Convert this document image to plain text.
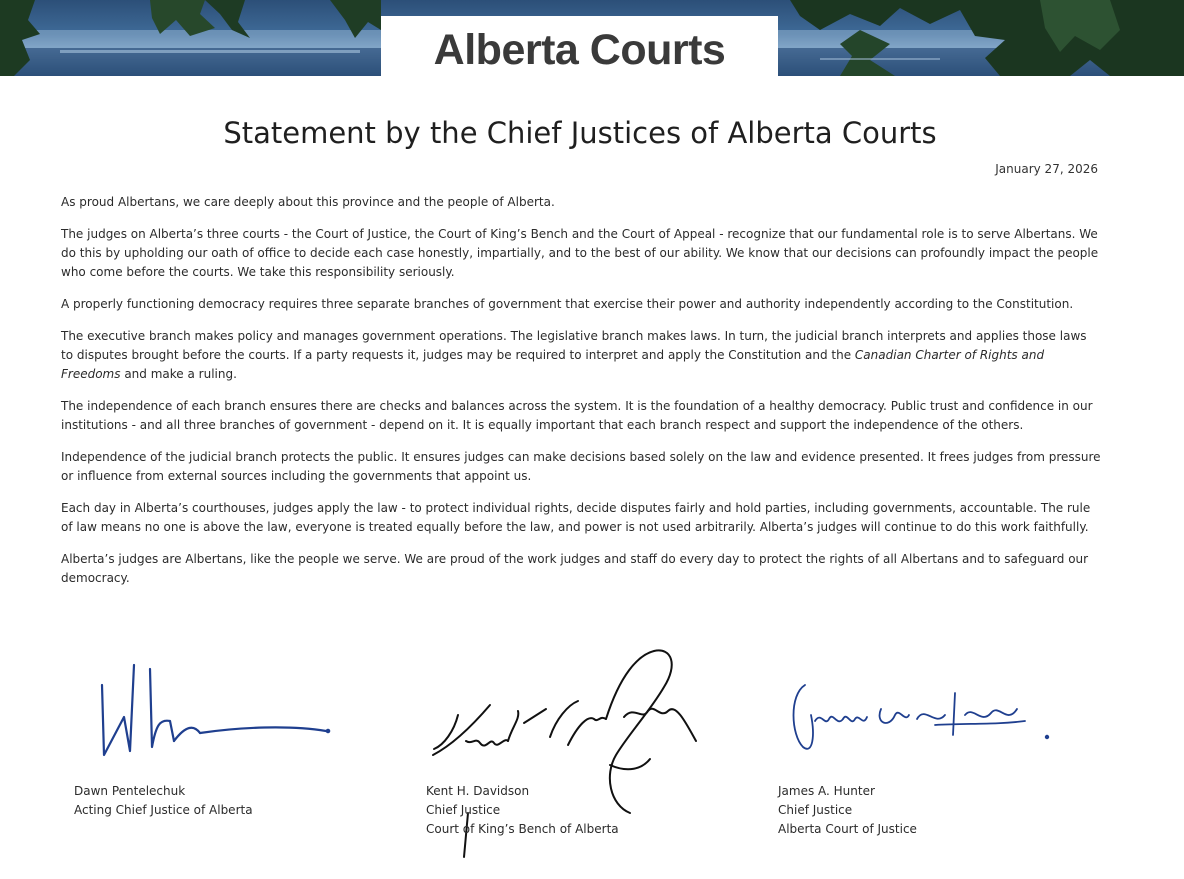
Alberta Courts
Statement by the Chief Justices of Alberta Courts
January 27, 2026

As proud Albertans, we care deeply about this province and the people of Alberta.

The judges on Alberta’s three courts - the Court of Justice, the Court of King’s Bench and the Court of Appeal - recognize that our fundamental role is to serve Albertans. We do this by upholding our oath of office to decide each case honestly, impartially, and to the best of our ability. We know that our decisions can profoundly impact the people who come before the courts. We take this responsibility seriously.

A properly functioning democracy requires three separate branches of government that exercise their power and authority independently according to the Constitution.

The executive branch makes policy and manages government operations. The legislative branch makes laws. In turn, the judicial branch interprets and applies those laws to disputes brought before the courts. If a party requests it, judges may be required to interpret and apply the Constitution and the Canadian Charter of Rights and Freedoms and make a ruling.

The independence of each branch ensures there are checks and balances across the system. It is the foundation of a healthy democracy. Public trust and confidence in our institutions - and all three branches of government - depend on it. It is equally important that each branch respect and support the independence of the others.

Independence of the judicial branch protects the public. It ensures judges can make decisions based solely on the law and evidence presented. It frees judges from pressure or influence from external sources including the governments that appoint us.

Each day in Alberta’s courthouses, judges apply the law - to protect individual rights, decide disputes fairly and hold parties, including governments, accountable. The rule of law means no one is above the law, everyone is treated equally before the law, and power is not used arbitrarily. Alberta’s judges will continue to do this work faithfully.

Alberta’s judges are Albertans, like the people we serve. We are proud of the work judges and staff do every day to protect the rights of all Albertans and to safeguard our democracy.

Dawn Pentelechuk
Acting Chief Justice of Alberta
Kent H. Davidson
Chief Justice
Court of King’s Bench of Alberta
James A. Hunter
Chief Justice
Alberta Court of Justice
